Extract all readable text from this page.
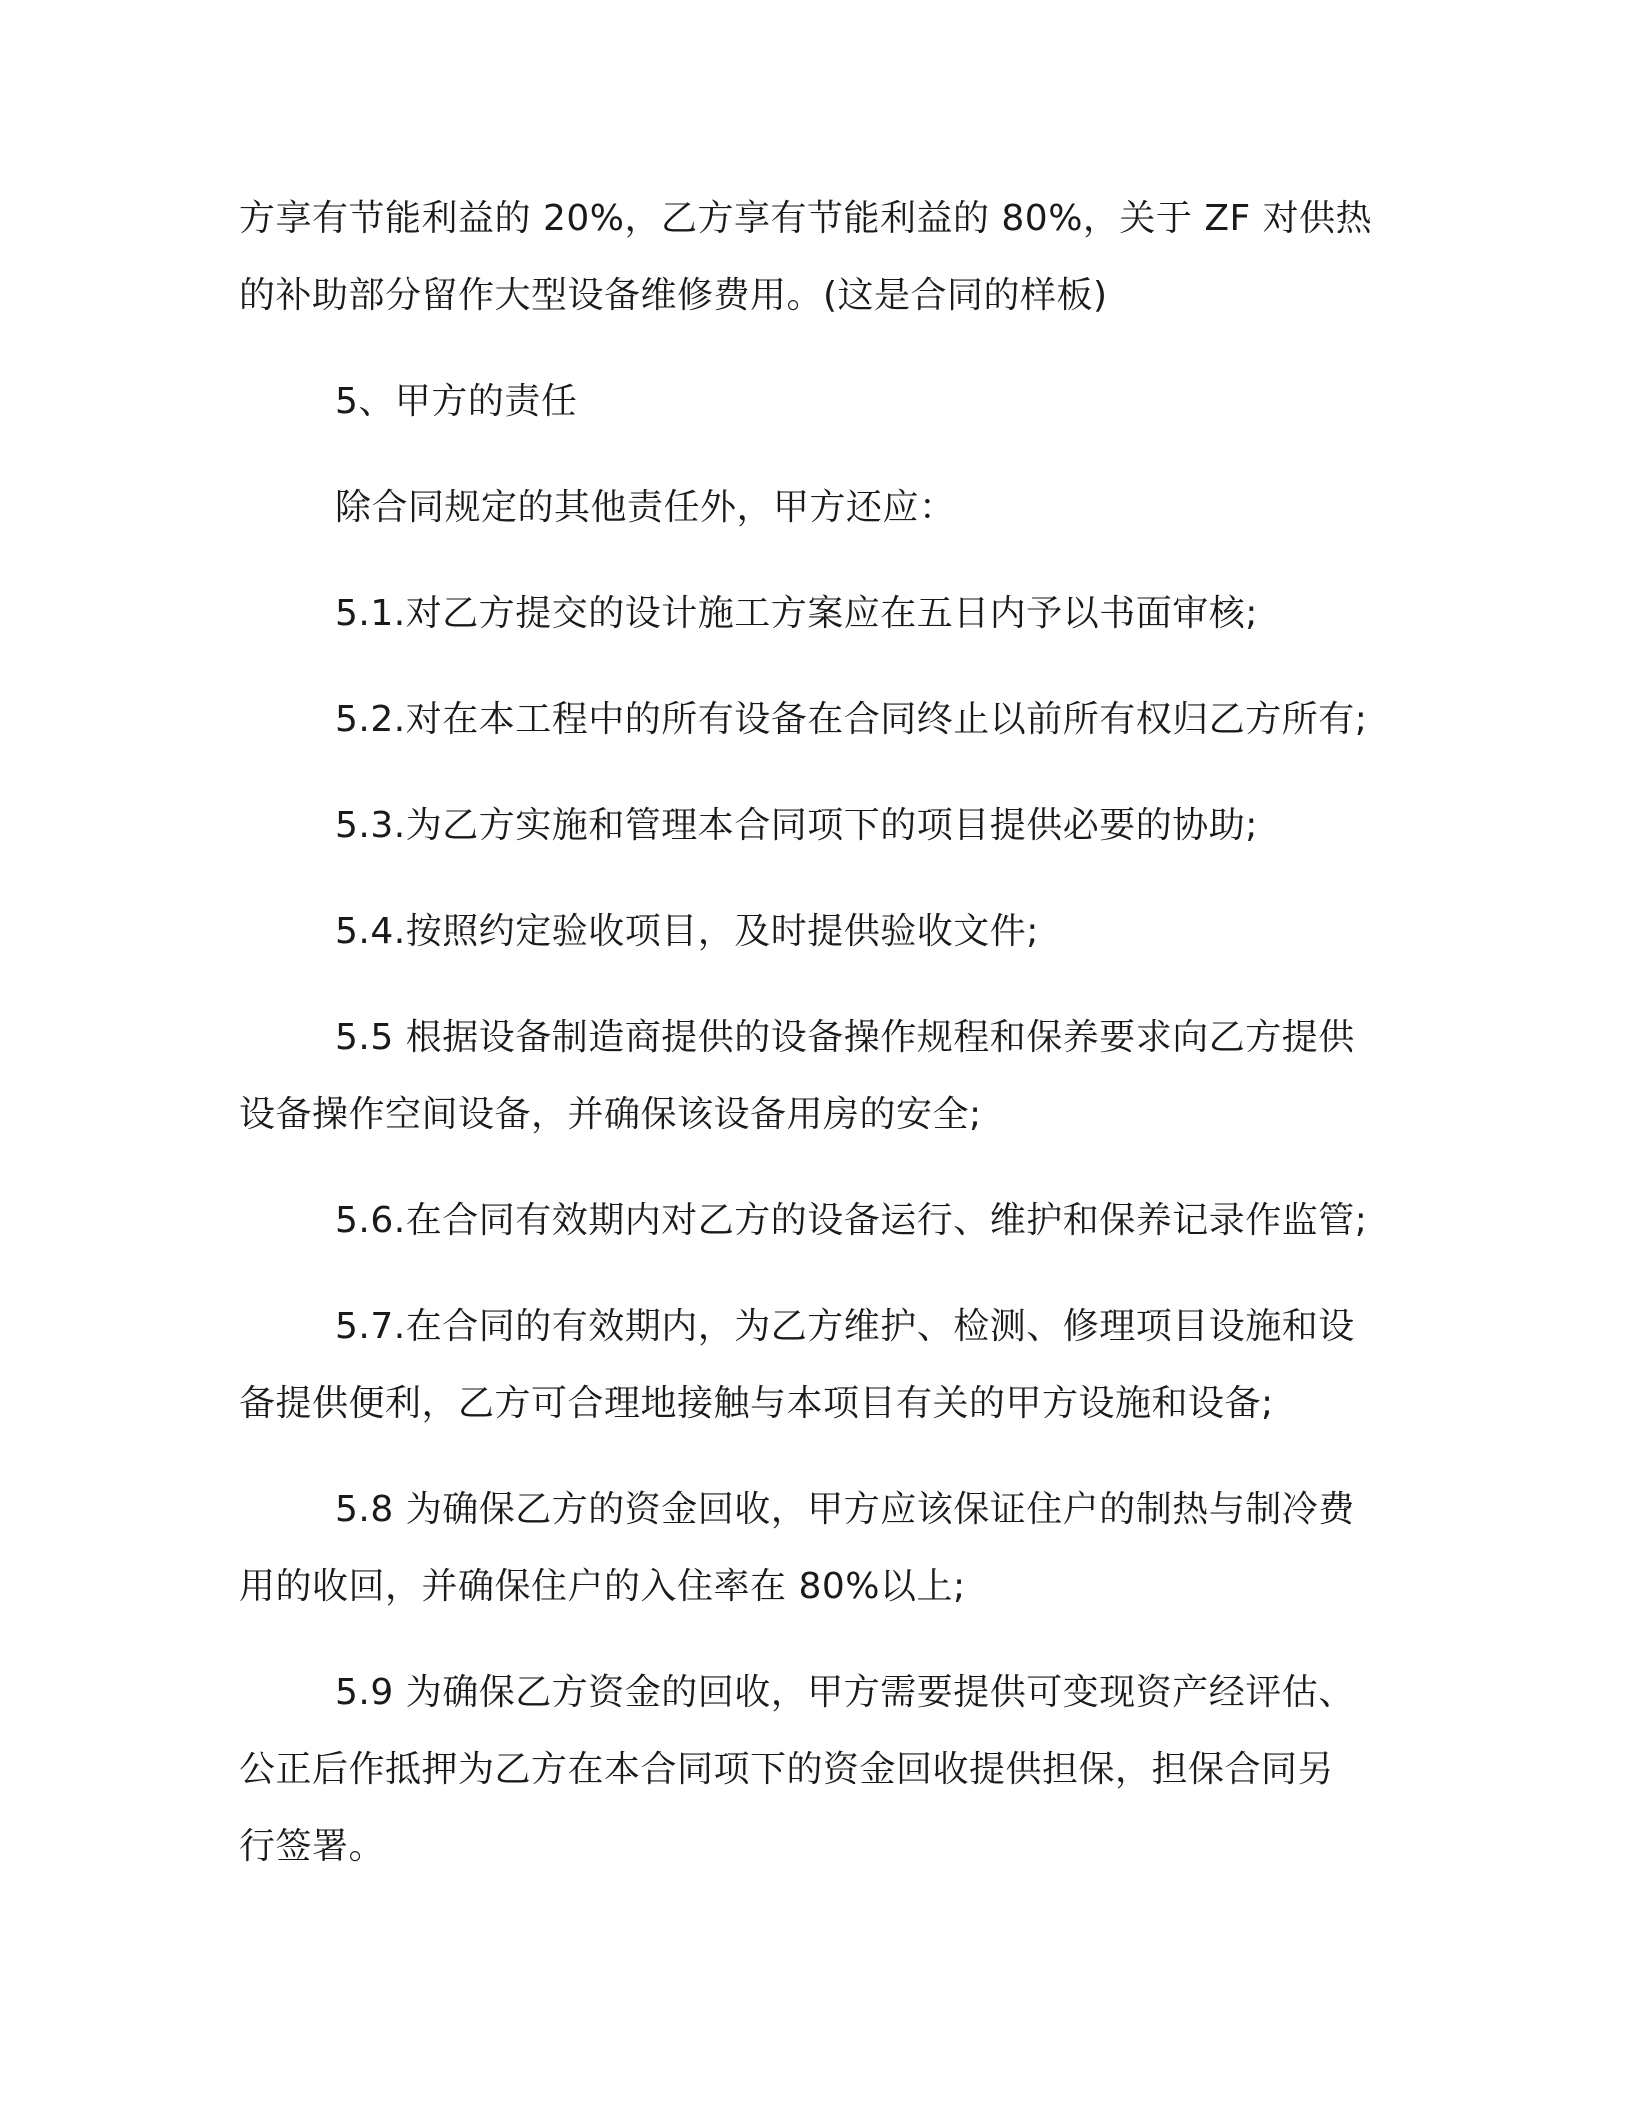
方享有节能利益的 20%，乙方享有节能利益的 80%，关于 ZF 对供热
的补助部分留作大型设备维修费用。(这是合同的样板)
5、甲方的责任
除合同规定的其他责任外，甲方还应：
5.1.对乙方提交的设计施工方案应在五日内予以书面审核;
5.2.对在本工程中的所有设备在合同终止以前所有权归乙方所有;
5.3.为乙方实施和管理本合同项下的项目提供必要的协助;
5.4.按照约定验收项目，及时提供验收文件;
5.5 根据设备制造商提供的设备操作规程和保养要求向乙方提供
设备操作空间设备，并确保该设备用房的安全;
5.6.在合同有效期内对乙方的设备运行、维护和保养记录作监管;
5.7.在合同的有效期内，为乙方维护、检测、修理项目设施和设
备提供便利，乙方可合理地接触与本项目有关的甲方设施和设备;
5.8 为确保乙方的资金回收，甲方应该保证住户的制热与制冷费
用的收回，并确保住户的入住率在 80%以上;
5.9 为确保乙方资金的回收，甲方需要提供可变现资产经评估、
公正后作抵押为乙方在本合同项下的资金回收提供担保，担保合同另
行签署。
